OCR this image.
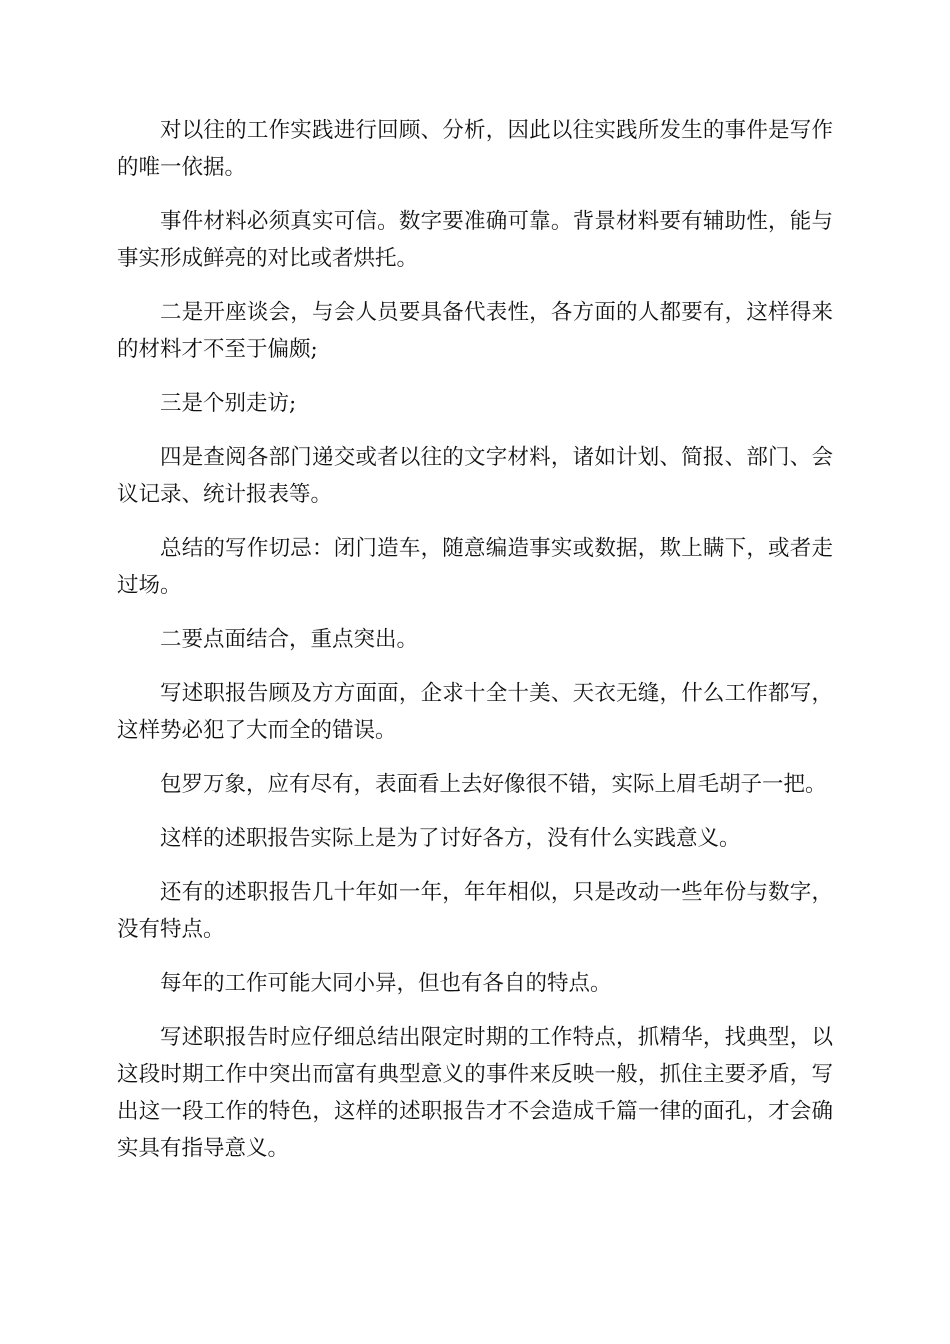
对以往的工作实践进行回顾、分析，因此以往实践所发生的事件是写作的唯一依据。

事件材料必须真实可信。数字要准确可靠。背景材料要有辅助性，能与事实形成鲜亮的对比或者烘托。

二是开座谈会，与会人员要具备代表性，各方面的人都要有，这样得来的材料才不至于偏颇;

三是个别走访;

四是查阅各部门递交或者以往的文字材料，诸如计划、简报、部门、会议记录、统计报表等。

总结的写作切忌：闭门造车，随意编造事实或数据，欺上瞒下，或者走过场。

二要点面结合，重点突出。

写述职报告顾及方方面面，企求十全十美、天衣无缝，什么工作都写，这样势必犯了大而全的错误。

包罗万象，应有尽有，表面看上去好像很不错，实际上眉毛胡子一把。

这样的述职报告实际上是为了讨好各方，没有什么实践意义。

还有的述职报告几十年如一年，年年相似，只是改动一些年份与数字，没有特点。

每年的工作可能大同小异，但也有各自的特点。

写述职报告时应仔细总结出限定时期的工作特点，抓精华，找典型，以这段时期工作中突出而富有典型意义的事件来反映一般，抓住主要矛盾，写出这一段工作的特色，这样的述职报告才不会造成千篇一律的面孔，才会确实具有指导意义。
